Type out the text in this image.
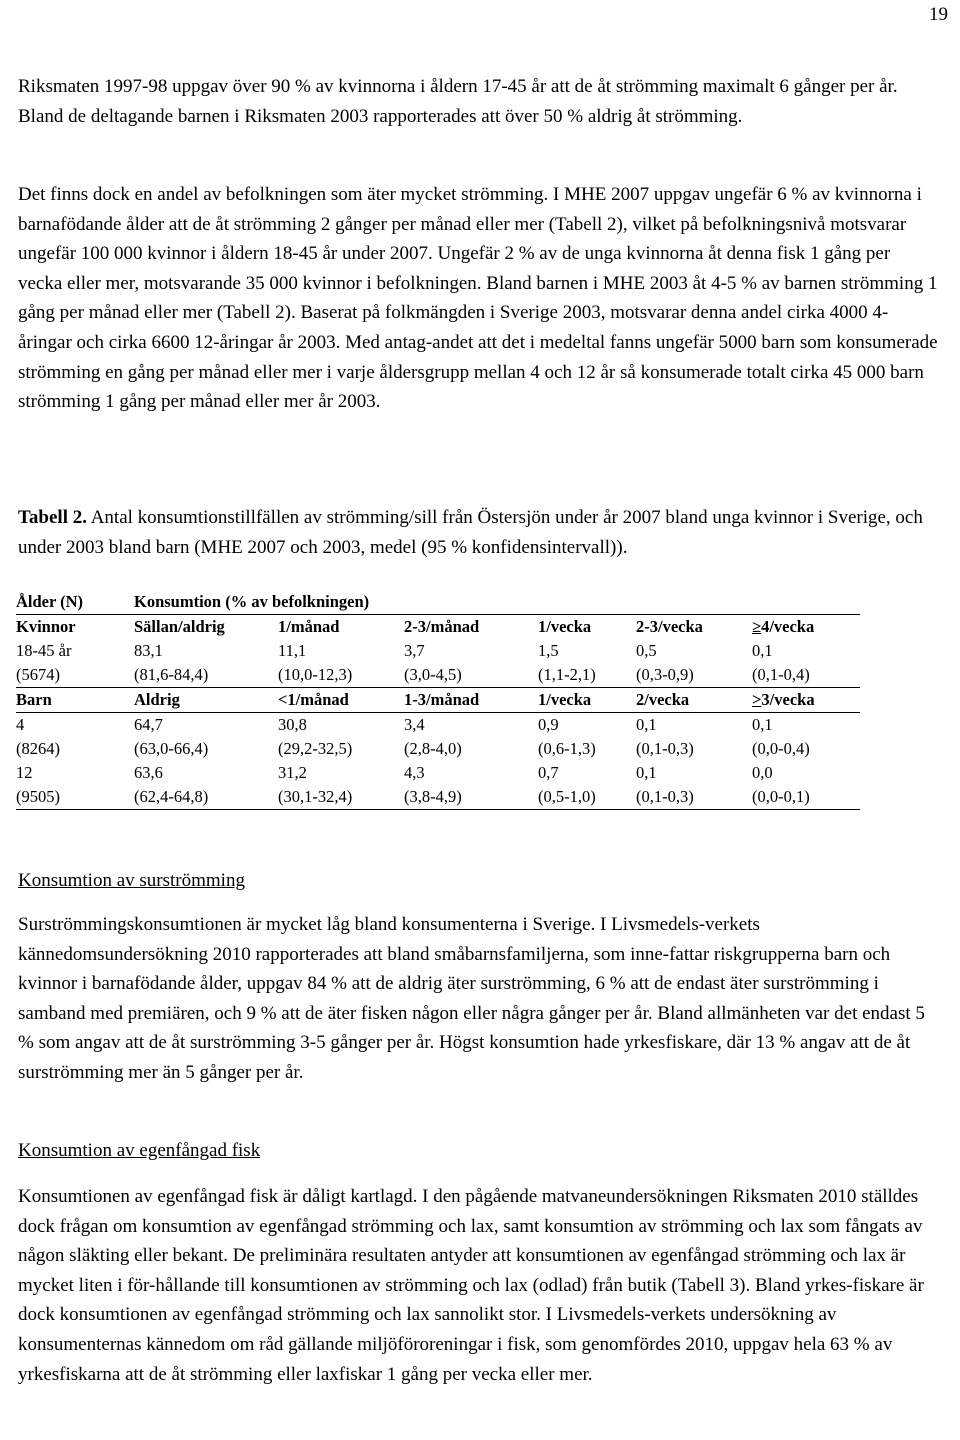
19

Riksmaten 1997-98 uppgav över 90 % av kvinnorna i åldern 17-45 år att de åt strömming maximalt 6 gånger per år. Bland de deltagande barnen i Riksmaten 2003 rapporterades att över 50 % aldrig åt strömming.

Det finns dock en andel av befolkningen som äter mycket strömming. I MHE 2007 uppgav ungefär 6 % av kvinnorna i barnafödande ålder att de åt strömming 2 gånger per månad eller mer (Tabell 2), vilket på befolkningsnivå motsvarar ungefär 100 000 kvinnor i åldern 18-45 år under 2007. Ungefär 2 % av de unga kvinnorna åt denna fisk 1 gång per vecka eller mer, motsvarande 35 000 kvinnor i befolkningen. Bland barnen i MHE 2003 åt 4-5 % av barnen strömming 1 gång per månad eller mer (Tabell 2). Baserat på folkmängden i Sverige 2003, motsvarar denna andel cirka 4000 4-åringar och cirka 6600 12-åringar år 2003. Med antag-andet att det i medeltal fanns ungefär 5000 barn som konsumerade strömming en gång per månad eller mer i varje åldersgrupp mellan 4 och 12 år så konsumerade totalt cirka 45 000 barn strömming 1 gång per månad eller mer år 2003.

Tabell 2. Antal konsumtionstillfällen av strömming/sill från Östersjön under år 2007 bland unga kvinnor i Sverige, och under 2003 bland barn (MHE 2007 och 2003, medel (95 % konfidensintervall)).

Ålder (N)	Konsumtion (% av befolkningen)
Kvinnor	Sällan/aldrig	1/månad	2-3/månad	1/vecka	2-3/vecka	≥4/vecka
18-45 år	83,1	11,1	3,7	1,5	0,5	0,1
(5674)	(81,6-84,4)	(10,0-12,3)	(3,0-4,5)	(1,1-2,1) (0,3-0,9)	(0,1-0,4)
Barn	Aldrig	<1/månad	1-3/månad	1/vecka	2/vecka	>3/vecka
4	64,7	30,8	3,4	0,9	0,1	0,1
(8264)	(63,0-66,4)	(29,2-32,5)	(2,8-4,0)	(0,6-1,3) (0,1-0,3)	(0,0-0,4)
12	63,6	31,2	4,3	0,7	0,1	0,0
(9505)	(62,4-64,8)	(30,1-32,4)	(3,8-4,9)	(0,5-1,0) (0,1-0,3)	(0,0-0,1)
Konsumtion av surströmming

Surströmmingskonsumtionen är mycket låg bland konsumenterna i Sverige. I Livsmedels-verkets kännedomsundersökning 2010 rapporterades att bland småbarnsfamiljerna, som inne-fattar riskgrupperna barn och kvinnor i barnafödande ålder, uppgav 84 % att de aldrig äter surströmming, 6 % att de endast äter surströmming i samband med premiären, och 9 % att de äter fisken någon eller några gånger per år. Bland allmänheten var det endast 5 % som angav att de åt surströmming 3-5 gånger per år. Högst konsumtion hade yrkesfiskare, där 13 % angav att de åt surströmming mer än 5 gånger per år.

Konsumtion av egenfångad fisk

Konsumtionen av egenfångad fisk är dåligt kartlagd. I den pågående matvaneundersökningen Riksmaten 2010 ställdes dock frågan om konsumtion av egenfångad strömming och lax, samt konsumtion av strömming och lax som fångats av någon släkting eller bekant. De preliminära resultaten antyder att konsumtionen av egenfångad strömming och lax är mycket liten i för-hållande till konsumtionen av strömming och lax (odlad) från butik (Tabell 3). Bland yrkes-fiskare är dock konsumtionen av egenfångad strömming och lax sannolikt stor. I Livsmedels-verkets undersökning av konsumenternas kännedom om råd gällande miljöföroreningar i fisk, som genomfördes 2010, uppgav hela 63 % av yrkesfiskarna att de åt strömming eller laxfiskar 1 gång per vecka eller mer.
